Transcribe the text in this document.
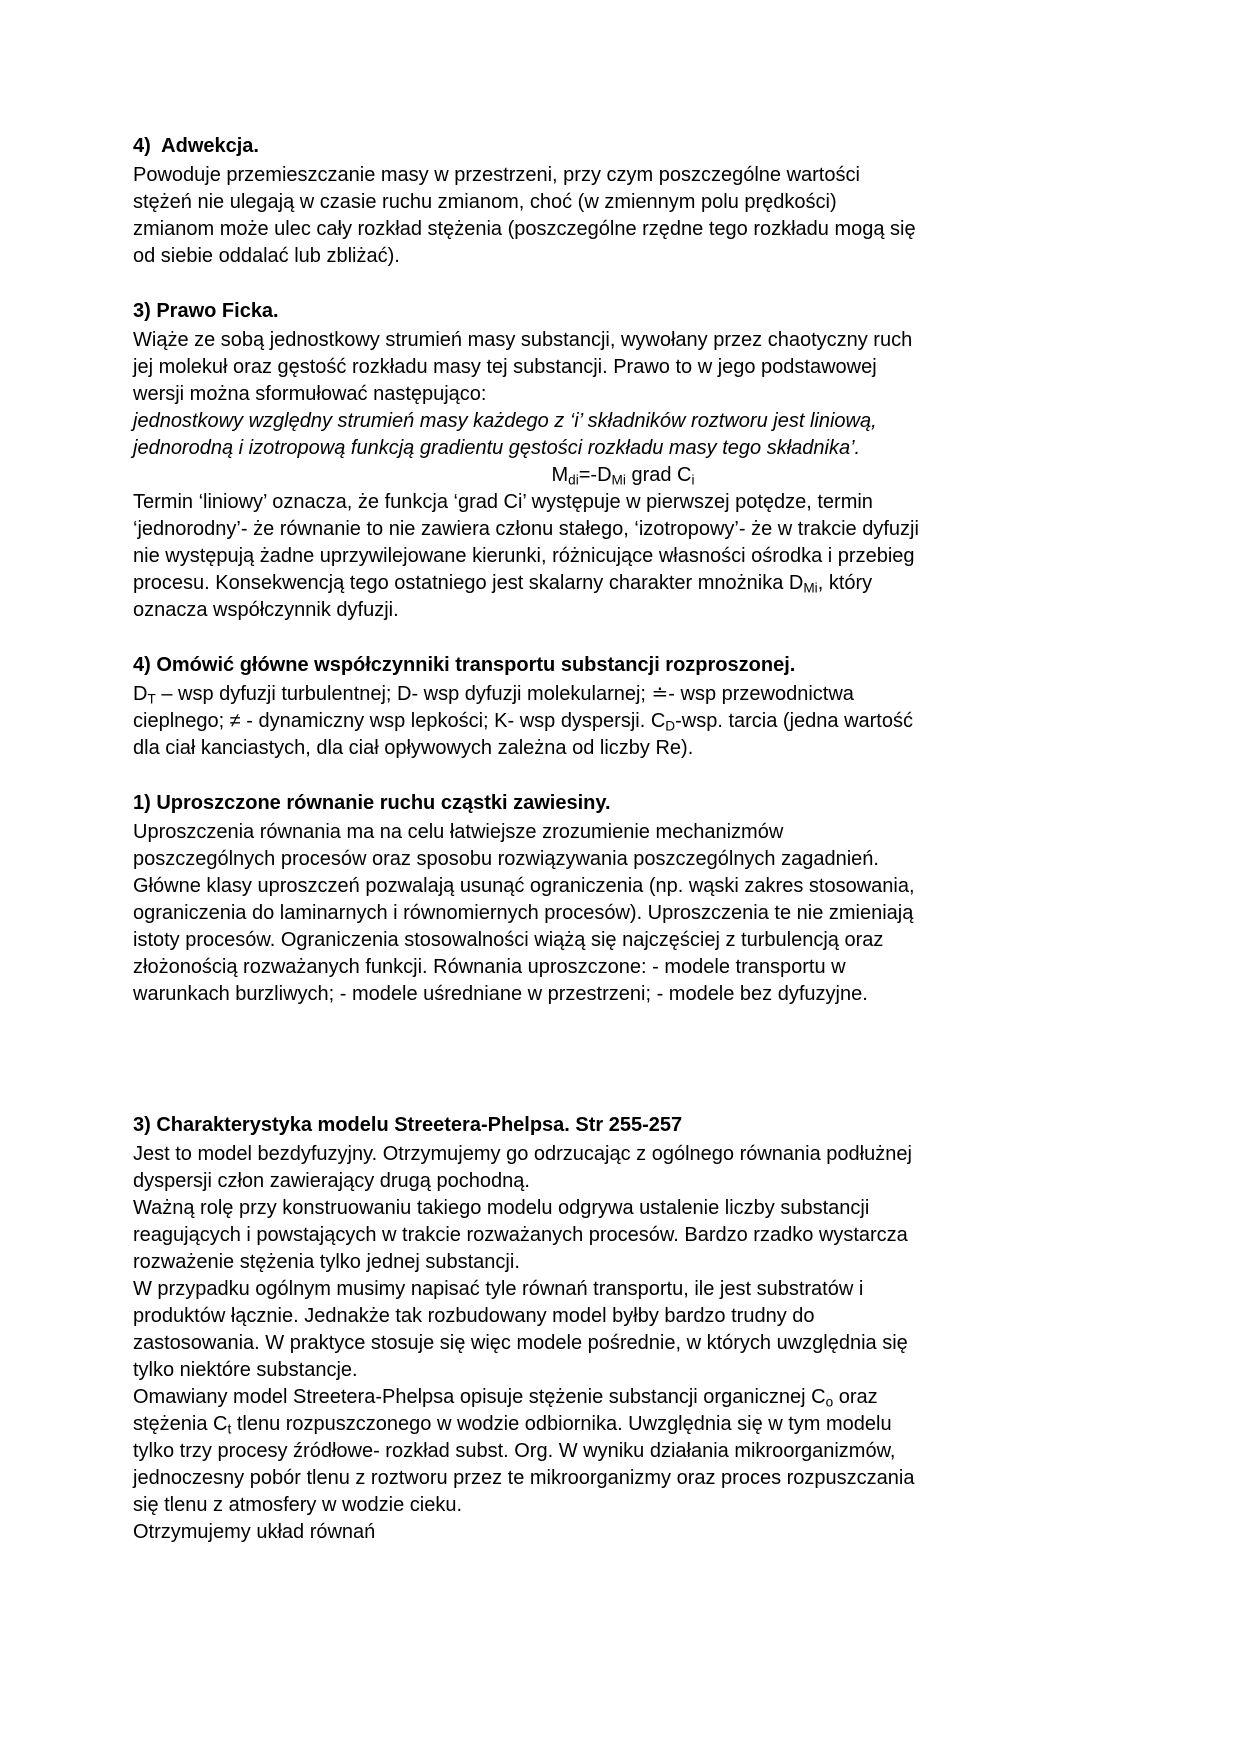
4)  Adwekcja.
Powoduje przemieszczanie masy w przestrzeni, przy czym poszczególne wartości
stężeń nie ulegają w czasie ruchu zmianom, choć (w zmiennym polu prędkości)
zmianom może ulec cały rozkład stężenia (poszczególne rzędne tego rozkładu mogą się
od siebie oddalać lub zbliżać).
3) Prawo Ficka.
Wiąże ze sobą jednostkowy strumień masy substancji, wywołany przez chaotyczny ruch
jej molekuł oraz gęstość rozkładu masy tej substancji. Prawo to w jego podstawowej
wersji można sformułować następująco:
jednostkowy względny strumień masy każdego z ‘i’ składników roztworu jest liniową,
jednorodną i izotropową funkcją gradientu gęstości rozkładu masy tego składnika’.
$M_{di}=-D_{Mi}$ grad $C_i$
Termin ‘liniowy’ oznacza, że funkcja ‘grad Ci’ występuje w pierwszej potędze, termin
‘jednorodny’- że równanie to nie zawiera członu stałego, ‘izotropowy’- że w trakcie dyfuzji
nie występują żadne uprzywilejowane kierunki, różnicujące własności ośrodka i przebieg
procesu. Konsekwencją tego ostatniego jest skalarny charakter mnożnika $D_{Mi}$, który
oznacza współczynnik dyfuzji.
4) Omówić główne współczynniki transportu substancji rozproszonej.
$D_T$ – wsp dyfuzji turbulentnej; D- wsp dyfuzji molekularnej; ≐- wsp przewodnictwa
cieplnego; ≠ - dynamiczny wsp lepkości; K- wsp dyspersji. $C_D$-wsp. tarcia (jedna wartość
dla ciał kanciastych, dla ciał opływowych zależna od liczby Re).
1) Uproszczone równanie ruchu cząstki zawiesiny.
Uproszczenia równania ma na celu łatwiejsze zrozumienie mechanizmów
poszczególnych procesów oraz sposobu rozwiązywania poszczególnych zagadnień.
Główne klasy uproszczeń pozwalają usunąć ograniczenia (np. wąski zakres stosowania,
ograniczenia do laminarnych i równomiernych procesów). Uproszczenia te nie zmieniają
istoty procesów. Ograniczenia stosowalności wiążą się najczęściej z turbulencją oraz
złożonością rozważanych funkcji. Równania uproszczone: - modele transportu w
warunkach burzliwych; - modele uśredniane w przestrzeni; - modele bez dyfuzyjne.
3) Charakterystyka modelu Streetera-Phelpsa. Str 255-257
Jest to model bezdyfuzyjny. Otrzymujemy go odrzucając z ogólnego równania podłużnej
dyspersji człon zawierający drugą pochodną.
Ważną rolę przy konstruowaniu takiego modelu odgrywa ustalenie liczby substancji
reagujących i powstających w trakcie rozważanych procesów. Bardzo rzadko wystarcza
rozważenie stężenia tylko jednej substancji.
W przypadku ogólnym musimy napisać tyle równań transportu, ile jest substratów i
produktów łącznie. Jednakże tak rozbudowany model byłby bardzo trudny do
zastosowania. W praktyce stosuje się więc modele pośrednie, w których uwzględnia się
tylko niektóre substancje.
Omawiany model Streetera-Phelpsa opisuje stężenie substancji organicznej $C_o$ oraz
stężenia $C_t$ tlenu rozpuszczonego w wodzie odbiornika. Uwzględnia się w tym modelu
tylko trzy procesy źródłowe- rozkład subst. Org. W wyniku działania mikroorganizmów,
jednoczesny pobór tlenu z roztworu przez te mikroorganizmy oraz proces rozpuszczania
się tlenu z atmosfery w wodzie cieku.
Otrzymujemy układ równań
